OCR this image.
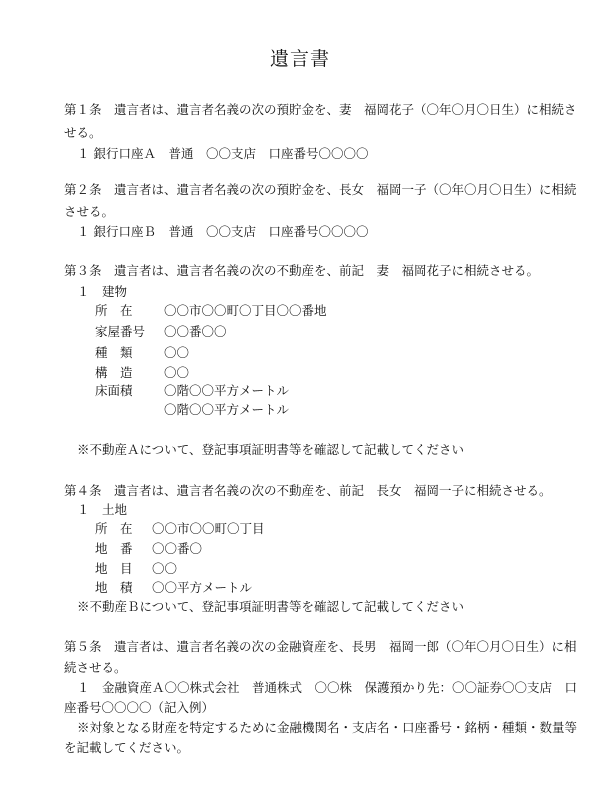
遺言書
第１条　遺言者は、遺言者名義の次の預貯金を、妻　福岡花子（〇年〇月〇日生）に相続さ
せる。
１ 銀行口座Ａ　普通　〇〇支店　口座番号〇〇〇〇
第２条　遺言者は、遺言者名義の次の預貯金を、長女　福岡一子（〇年〇月〇日生）に相続
させる。
１ 銀行口座Ｂ　普通　〇〇支店　口座番号〇〇〇〇
第３条　遺言者は、遺言者名義の次の不動産を、前記　妻　福岡花子に相続させる。
１　建物
所　在	〇〇市〇〇町〇丁目〇〇番地
家屋番号 〇〇番〇〇
種　類	〇〇
構　造	〇〇
床面積	〇階〇〇平方メートル
〇階〇〇平方メートル
※不動産Ａについて、登記事項証明書等を確認して記載してください
第４条　遺言者は、遺言者名義の次の不動産を、前記　長女　福岡一子に相続させる。
１　土地
所　在 〇〇市〇〇町〇丁目
地　番 〇〇番〇
地　目 〇〇
地　積 〇〇平方メートル
※不動産Ｂについて、登記事項証明書等を確認して記載してください
第５条　遺言者は、遺言者名義の次の金融資産を、長男　福岡一郎（〇年〇月〇日生）に相
続させる。
１　金融資産Ａ〇〇株式会社　普通株式　〇〇株　保護預かり先：〇〇証券〇〇支店　口
座番号〇〇〇〇（記入例）
※対象となる財産を特定するために金融機関名・支店名・口座番号・銘柄・種類・数量等
を記載してください。
